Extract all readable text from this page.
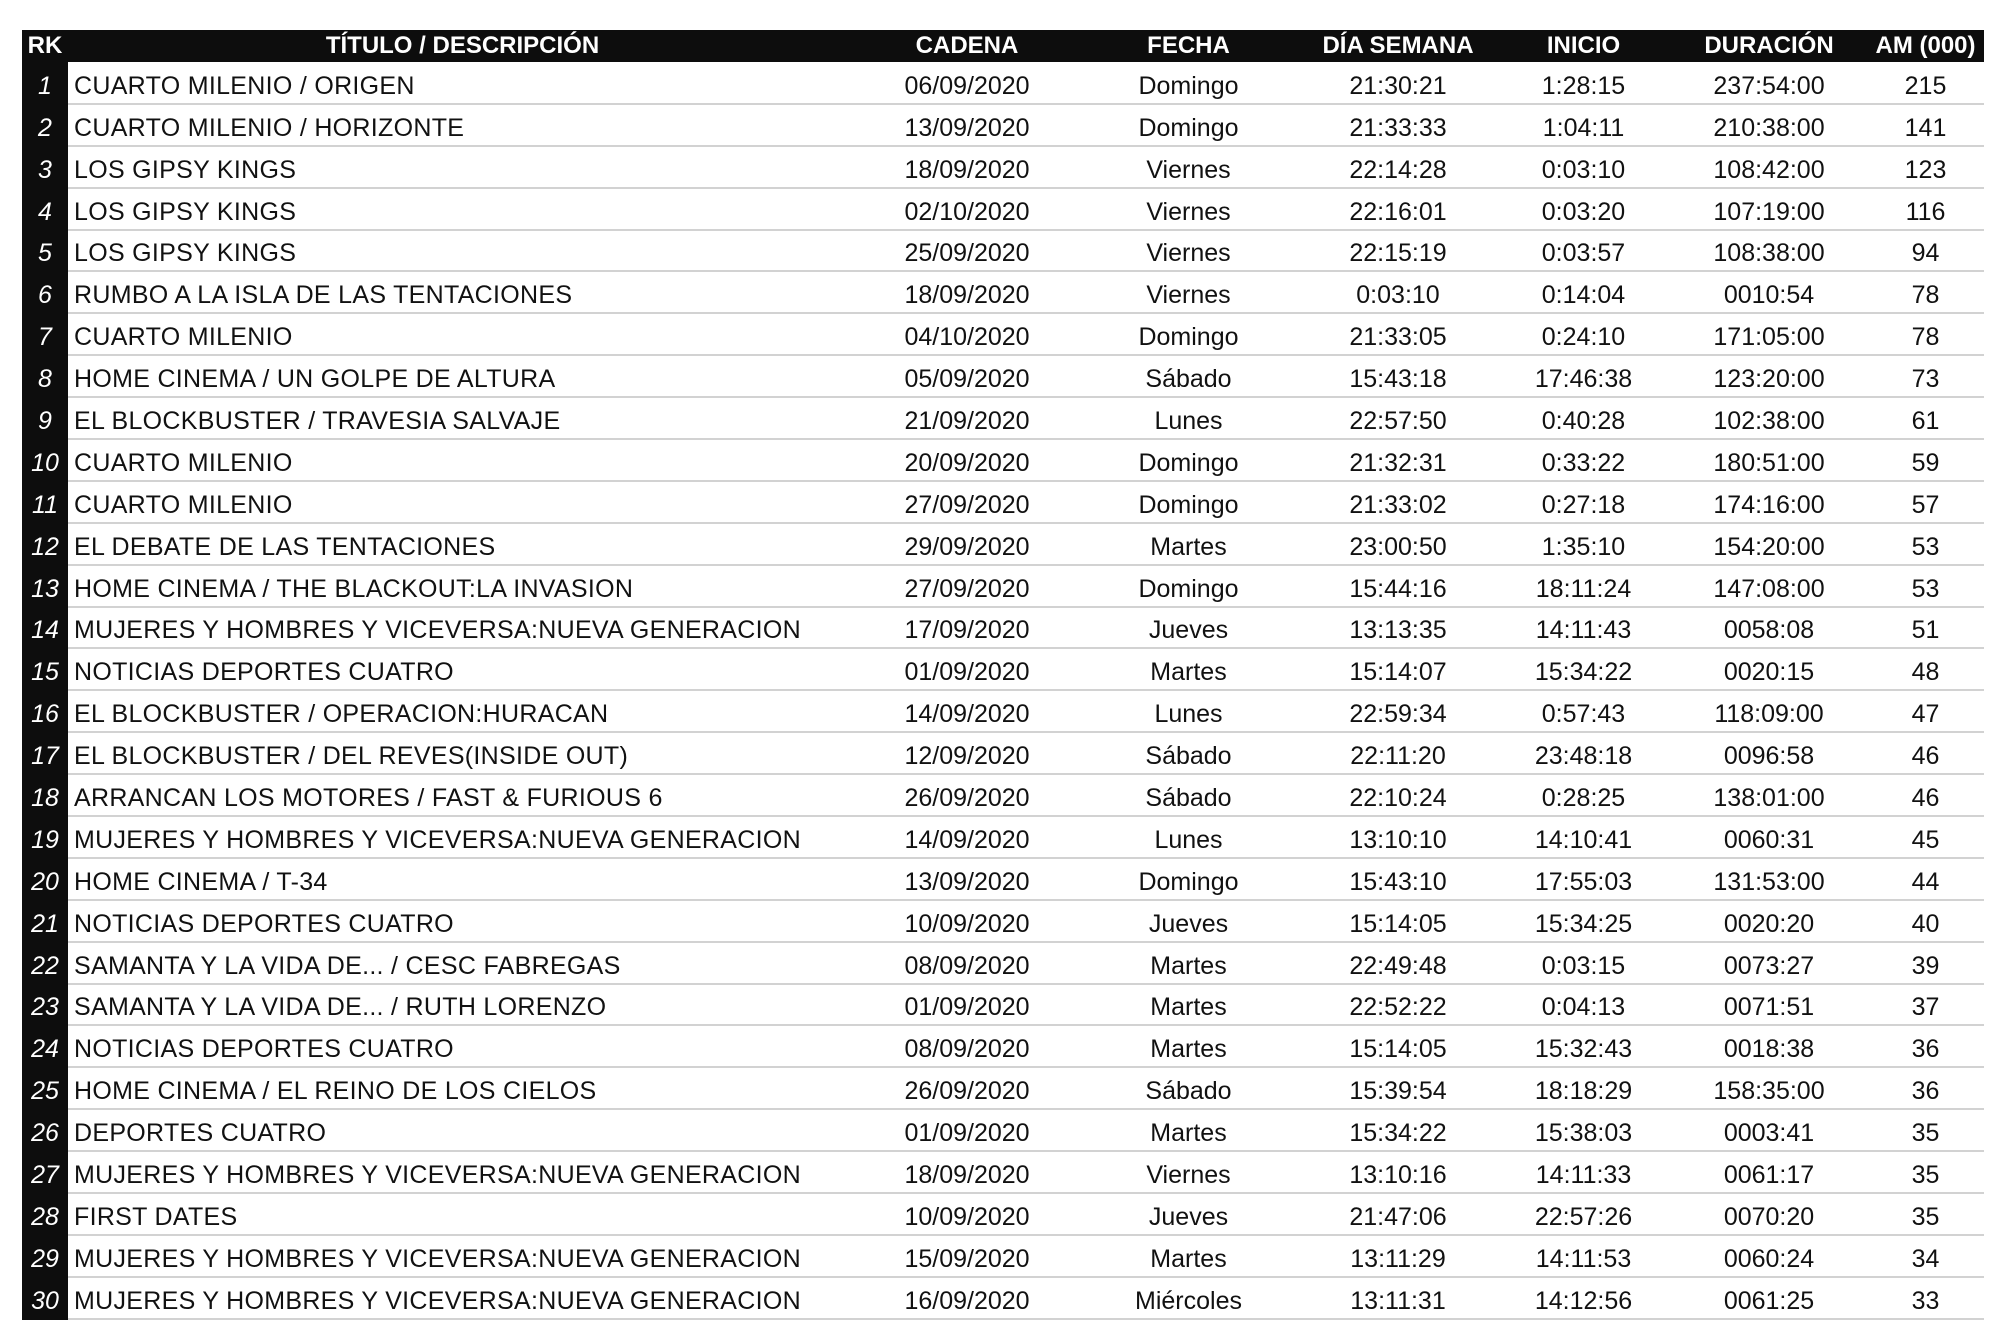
RK	TÍTULO / DESCRIPCIÓN	CADENA	FECHA	DÍA SEMANA	INICIO	DURACIÓN	AM (000)
1	CUARTO MILENIO / ORIGEN	06/09/2020	Domingo	21:30:21	1:28:15	237:54:00	215
2	CUARTO MILENIO / HORIZONTE	13/09/2020	Domingo	21:33:33	1:04:11	210:38:00	141
3	LOS GIPSY KINGS	18/09/2020	Viernes	22:14:28	0:03:10	108:42:00	123
4	LOS GIPSY KINGS	02/10/2020	Viernes	22:16:01	0:03:20	107:19:00	116
5	LOS GIPSY KINGS	25/09/2020	Viernes	22:15:19	0:03:57	108:38:00	94
6	RUMBO A LA ISLA DE LAS TENTACIONES	18/09/2020	Viernes	0:03:10	0:14:04	0010:54	78
7	CUARTO MILENIO	04/10/2020	Domingo	21:33:05	0:24:10	171:05:00	78
8	HOME CINEMA / UN GOLPE DE ALTURA	05/09/2020	Sábado	15:43:18	17:46:38	123:20:00	73
9	EL BLOCKBUSTER / TRAVESIA SALVAJE	21/09/2020	Lunes	22:57:50	0:40:28	102:38:00	61
10	CUARTO MILENIO	20/09/2020	Domingo	21:32:31	0:33:22	180:51:00	59
11	CUARTO MILENIO	27/09/2020	Domingo	21:33:02	0:27:18	174:16:00	57
12	EL DEBATE DE LAS TENTACIONES	29/09/2020	Martes	23:00:50	1:35:10	154:20:00	53
13	HOME CINEMA / THE BLACKOUT:LA INVASION	27/09/2020	Domingo	15:44:16	18:11:24	147:08:00	53
14	MUJERES Y HOMBRES Y VICEVERSA:NUEVA GENERACION	17/09/2020	Jueves	13:13:35	14:11:43	0058:08	51
15	NOTICIAS DEPORTES CUATRO	01/09/2020	Martes	15:14:07	15:34:22	0020:15	48
16	EL BLOCKBUSTER / OPERACION:HURACAN	14/09/2020	Lunes	22:59:34	0:57:43	118:09:00	47
17	EL BLOCKBUSTER / DEL REVES(INSIDE OUT)	12/09/2020	Sábado	22:11:20	23:48:18	0096:58	46
18	ARRANCAN LOS MOTORES / FAST & FURIOUS 6	26/09/2020	Sábado	22:10:24	0:28:25	138:01:00	46
19	MUJERES Y HOMBRES Y VICEVERSA:NUEVA GENERACION	14/09/2020	Lunes	13:10:10	14:10:41	0060:31	45
20	HOME CINEMA / T-34	13/09/2020	Domingo	15:43:10	17:55:03	131:53:00	44
21	NOTICIAS DEPORTES CUATRO	10/09/2020	Jueves	15:14:05	15:34:25	0020:20	40
22	SAMANTA Y LA VIDA DE... / CESC FABREGAS	08/09/2020	Martes	22:49:48	0:03:15	0073:27	39
23	SAMANTA Y LA VIDA DE... / RUTH LORENZO	01/09/2020	Martes	22:52:22	0:04:13	0071:51	37
24	NOTICIAS DEPORTES CUATRO	08/09/2020	Martes	15:14:05	15:32:43	0018:38	36
25	HOME CINEMA / EL REINO DE LOS CIELOS	26/09/2020	Sábado	15:39:54	18:18:29	158:35:00	36
26	DEPORTES CUATRO	01/09/2020	Martes	15:34:22	15:38:03	0003:41	35
27	MUJERES Y HOMBRES Y VICEVERSA:NUEVA GENERACION	18/09/2020	Viernes	13:10:16	14:11:33	0061:17	35
28	FIRST DATES	10/09/2020	Jueves	21:47:06	22:57:26	0070:20	35
29	MUJERES Y HOMBRES Y VICEVERSA:NUEVA GENERACION	15/09/2020	Martes	13:11:29	14:11:53	0060:24	34
30	MUJERES Y HOMBRES Y VICEVERSA:NUEVA GENERACION	16/09/2020	Miércoles	13:11:31	14:12:56	0061:25	33
